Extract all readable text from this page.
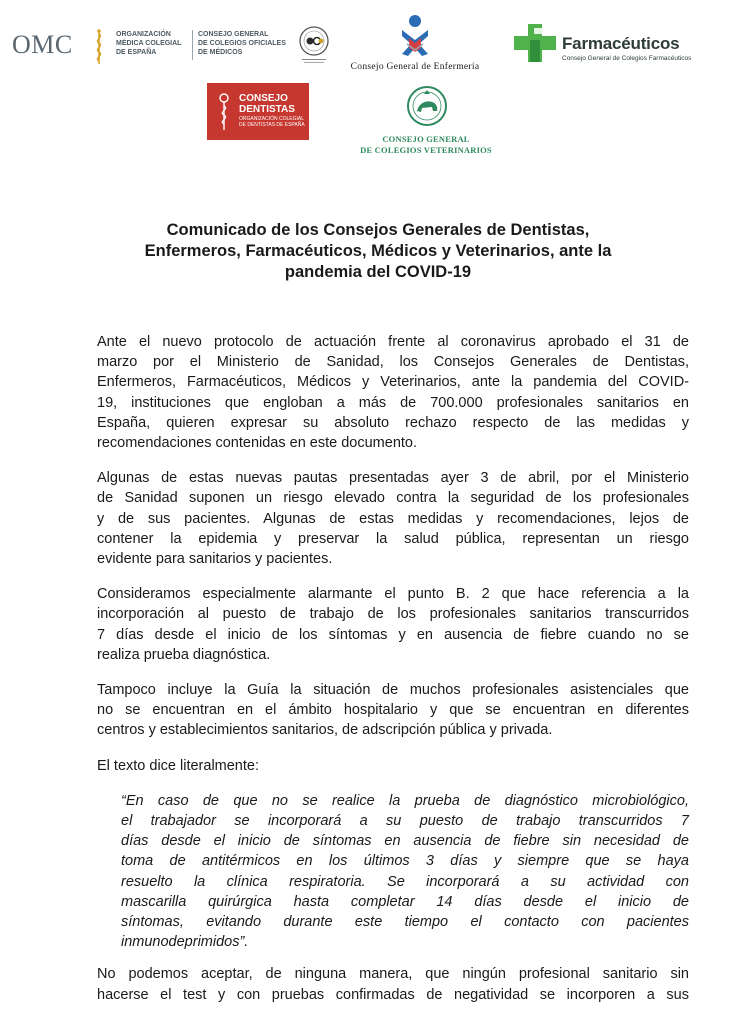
OMC	ORGANIZACIÓN
MÉDICA COLEGIAL
DE ESPAÑA
CONSEJO GENERAL
DE COLEGIOS OFICIALES
DE MÉDICOS
Consejo General de Enfermería
Farmacéuticos
Consejo General de Colegios Farmacéuticos
CONSEJO
DENTISTAS
ORGANIZACIÓN COLEGIAL DE DENTISTAS DE ESPAÑA
CONSEJO GENERAL
DE COLEGIOS VETERINARIOS
Comunicado de los Consejos Generales de Dentistas,
Enfermeros, Farmacéuticos, Médicos y Veterinarios, ante la
pandemia del COVID-19
Ante el nuevo protocolo de actuación frente al coronavirus aprobado el 31 de
marzo por el Ministerio de Sanidad, los Consejos Generales de Dentistas,
Enfermeros, Farmacéuticos, Médicos y Veterinarios, ante la pandemia del COVID-
19, instituciones que engloban a más de 700.000 profesionales sanitarios en
España, quieren expresar su absoluto rechazo respecto de las medidas y
recomendaciones contenidas en este documento.
Algunas de estas nuevas pautas presentadas ayer 3 de abril, por el Ministerio
de Sanidad suponen un riesgo elevado contra la seguridad de los profesionales
y de sus pacientes. Algunas de estas medidas y recomendaciones, lejos de
contener la epidemia y preservar la salud pública, representan un riesgo
evidente para sanitarios y pacientes.
Consideramos especialmente alarmante el punto B. 2 que hace referencia a la
incorporación al puesto de trabajo de los profesionales sanitarios transcurridos
7 días desde el inicio de los síntomas y en ausencia de fiebre cuando no se
realiza prueba diagnóstica.
Tampoco incluye la Guía la situación de muchos profesionales asistenciales que
no se encuentran en el ámbito hospitalario y que se encuentran en diferentes
centros y establecimientos sanitarios, de adscripción pública y privada.
El texto dice literalmente:
“En caso de que no se realice la prueba de diagnóstico microbiológico,
el trabajador se incorporará a su puesto de trabajo transcurridos 7
días desde el inicio de síntomas en ausencia de fiebre sin necesidad de
toma de antitérmicos en los últimos 3 días y siempre que se haya
resuelto la clínica respiratoria. Se incorporará a su actividad con
mascarilla quirúrgica hasta completar 14 días desde el inicio de
síntomas, evitando durante este tiempo el contacto con pacientes
inmunodeprimidos”.
No podemos aceptar, de ninguna manera, que ningún profesional sanitario sin
hacerse el test y con pruebas confirmadas de negatividad se incorporen a sus
